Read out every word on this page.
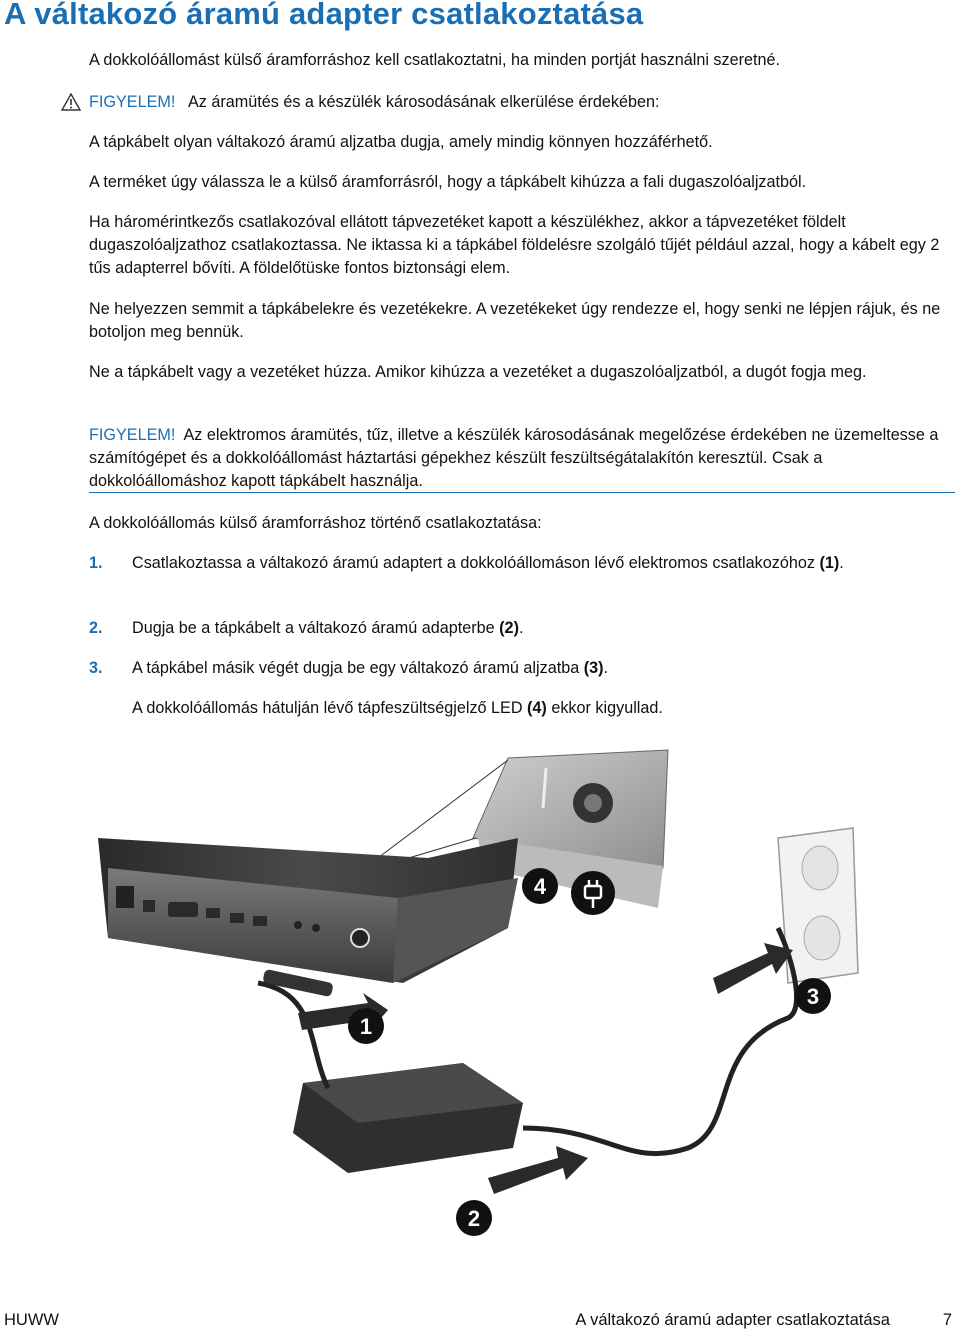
A váltakozó áramú adapter csatlakoztatása
A dokkolóállomást külső áramforráshoz kell csatlakoztatni, ha minden portját használni szeretné.
FIGYELEM! Az áramütés és a készülék károsodásának elkerülése érdekében:
A tápkábelt olyan váltakozó áramú aljzatba dugja, amely mindig könnyen hozzáférhető.
A terméket úgy válassza le a külső áramforrásról, hogy a tápkábelt kihúzza a fali dugaszolóaljzatból.
Ha háromérintkezős csatlakozóval ellátott tápvezetéket kapott a készülékhez, akkor a tápvezetéket földelt dugaszolóaljzathoz csatlakoztassa. Ne iktassa ki a tápkábel földelésre szolgáló tűjét például azzal, hogy a kábelt egy 2 tűs adapterrel bővíti. A földelőtüske fontos biztonsági elem.
Ne helyezzen semmit a tápkábelekre és vezetékekre. A vezetékeket úgy rendezze el, hogy senki ne lépjen rájuk, és ne botoljon meg bennük.
Ne a tápkábelt vagy a vezetéket húzza. Amikor kihúzza a vezetéket a dugaszolóaljzatból, a dugót fogja meg.
FIGYELEM! Az elektromos áramütés, tűz, illetve a készülék károsodásának megelőzése érdekében ne üzemeltesse a számítógépet és a dokkolóállomást háztartási gépekhez készült feszültségátalakítón keresztül. Csak a dokkolóállomáshoz kapott tápkábelt használja.
A dokkolóállomás külső áramforráshoz történő csatlakoztatása:
1. Csatlakoztassa a váltakozó áramú adaptert a dokkolóállomáson lévő elektromos csatlakozóhoz (1).
2. Dugja be a tápkábelt a váltakozó áramú adapterbe (2).
3. A tápkábel másik végét dugja be egy váltakozó áramú aljzatba (3).
A dokkolóállomás hátulján lévő tápfeszültségjelző LED (4) ekkor kigyullad.
1
2
3
4
HUWW	A váltakozó áramú adapter csatlakoztatása	7
